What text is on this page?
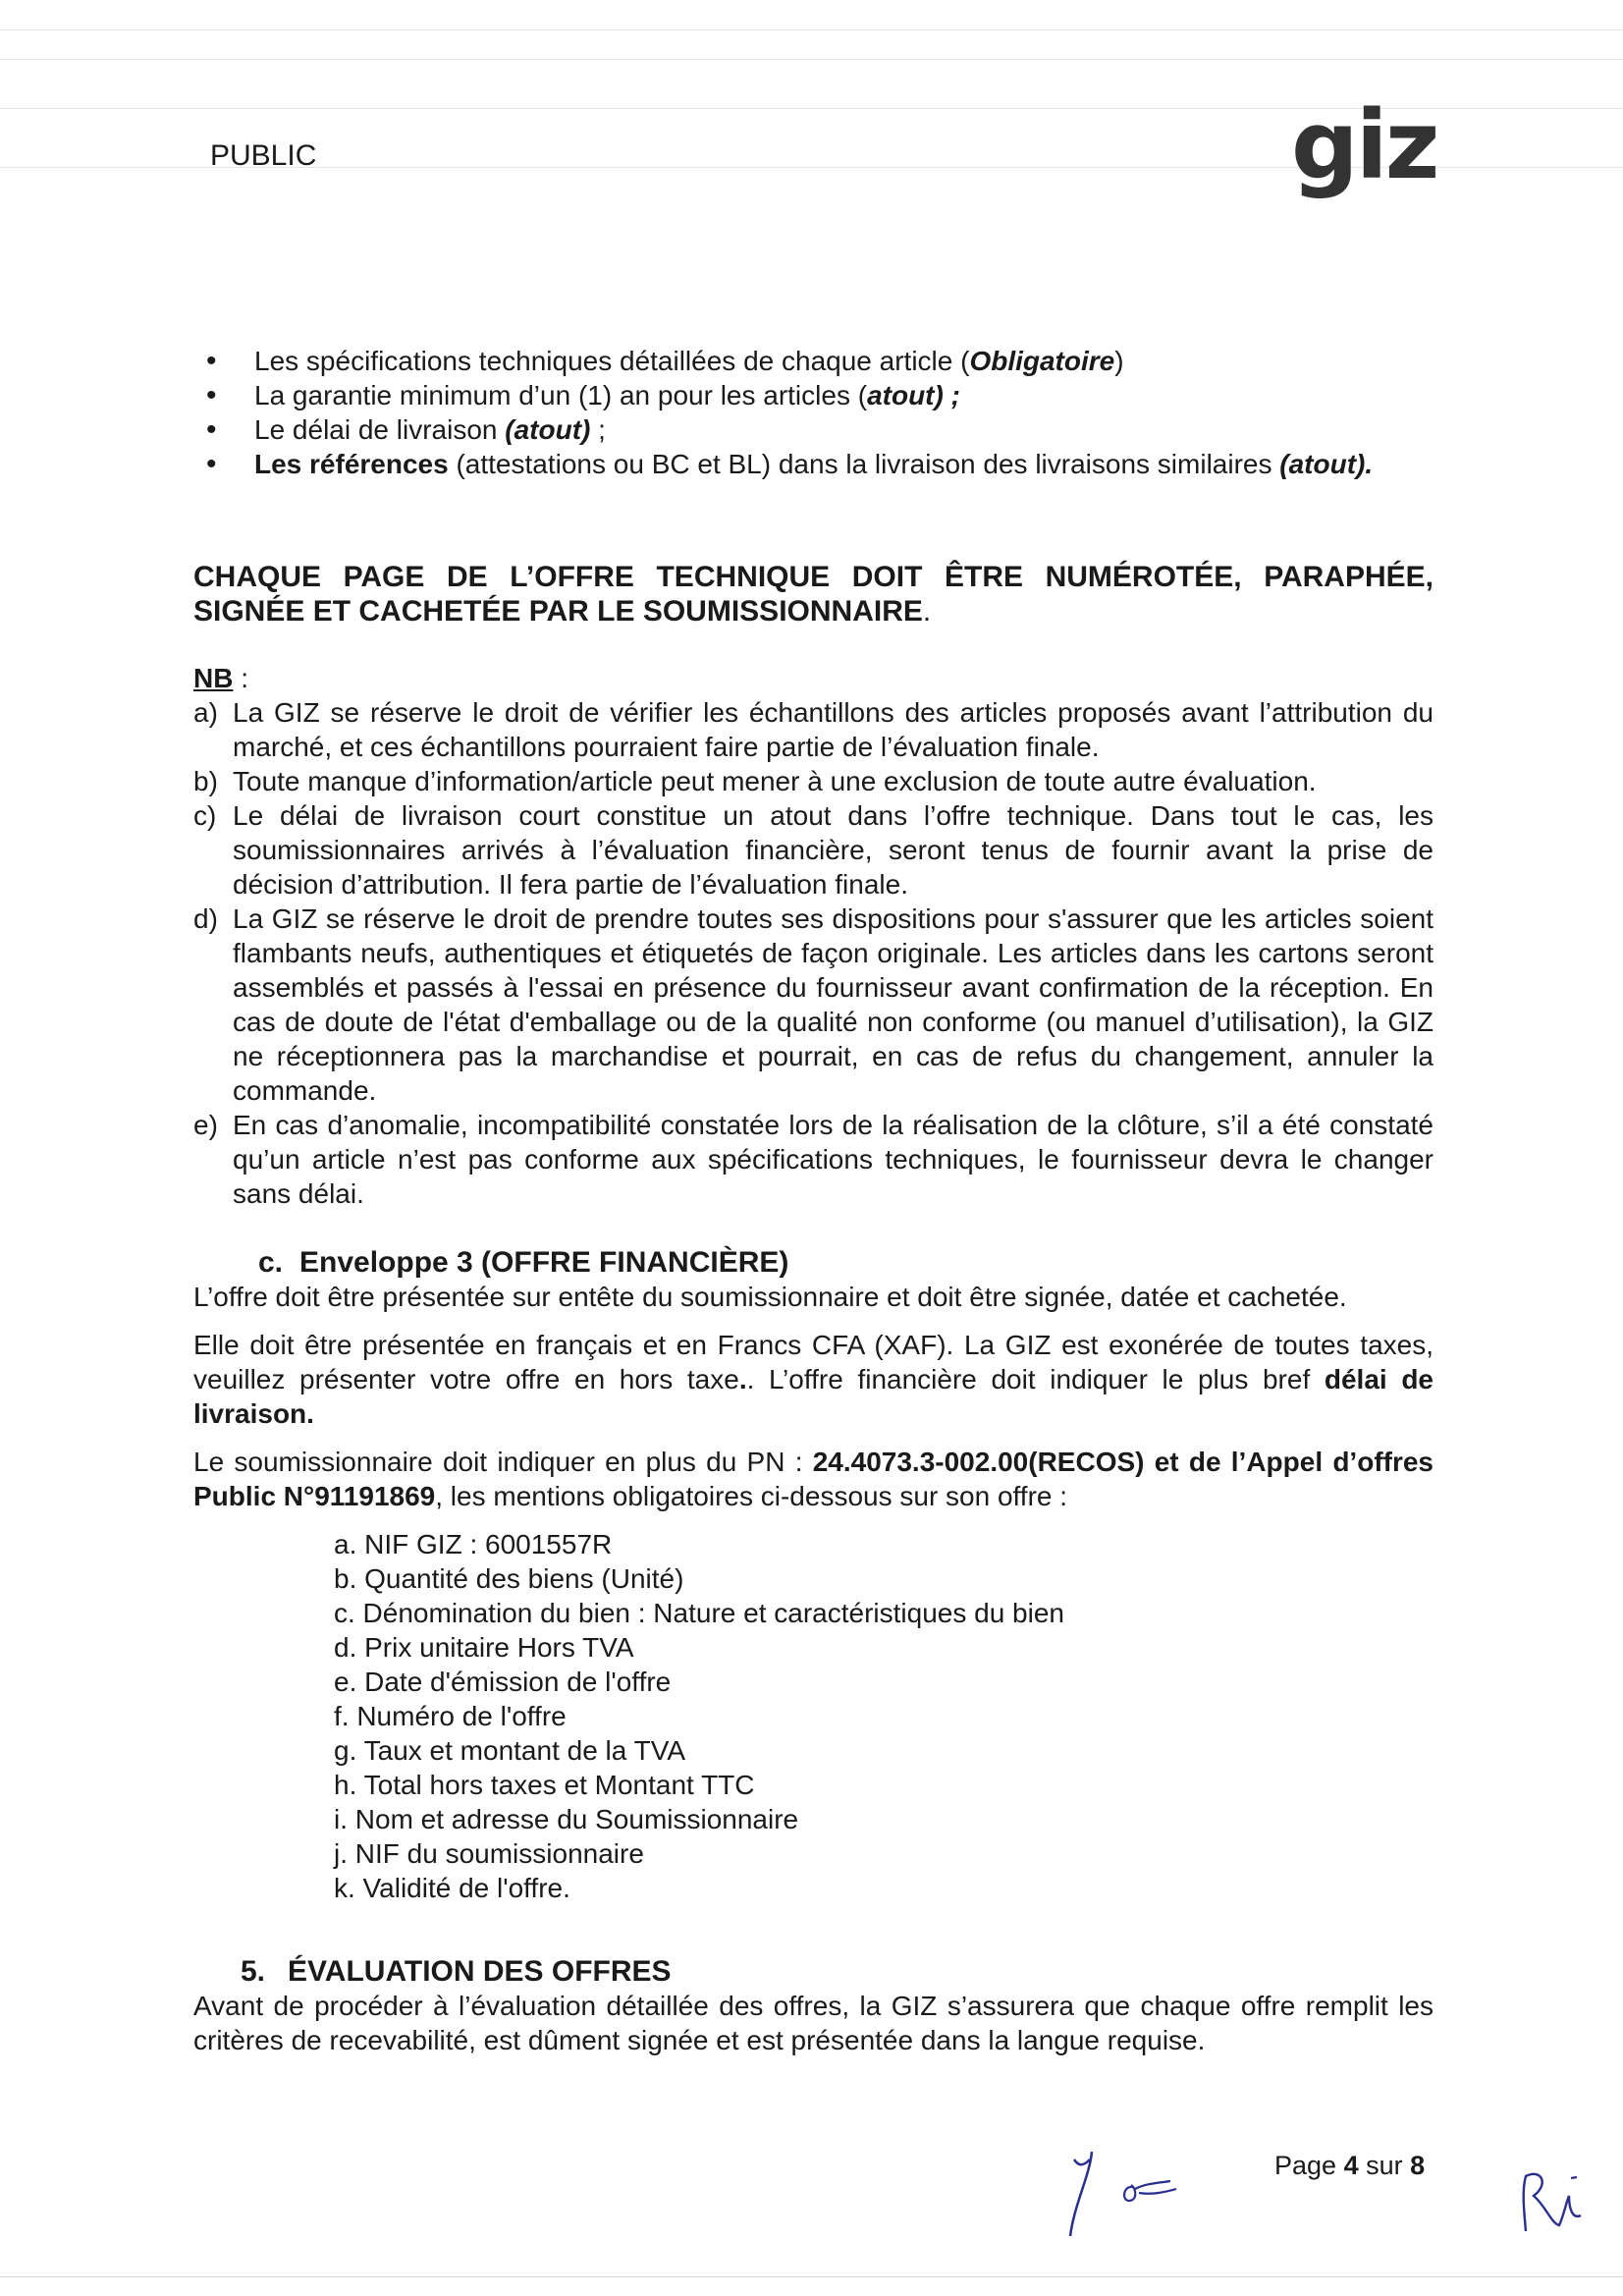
PUBLIC	giz
• Les spécifications techniques détaillées de chaque article (Obligatoire)
• La garantie minimum d’un (1) an pour les articles (atout) ;
• Le délai de livraison (atout) ;
• Les références (attestations ou BC et BL) dans la livraison des livraisons similaires (atout).
CHAQUE PAGE DE L’OFFRE TECHNIQUE DOIT ÊTRE NUMÉROTÉE, PARAPHÉE, SIGNÉE ET CACHETÉE PAR LE SOUMISSIONNAIRE.
NB :
a) La GIZ se réserve le droit de vérifier les échantillons des articles proposés avant l’attribution du marché, et ces échantillons pourraient faire partie de l’évaluation finale.
b) Toute manque d’information/article peut mener à une exclusion de toute autre évaluation.
c) Le délai de livraison court constitue un atout dans l’offre technique. Dans tout le cas, les soumissionnaires arrivés à l’évaluation financière, seront tenus de fournir avant la prise de décision d’attribution. Il fera partie de l’évaluation finale.
d) La GIZ se réserve le droit de prendre toutes ses dispositions pour s'assurer que les articles soient flambants neufs, authentiques et étiquetés de façon originale. Les articles dans les cartons seront assemblés et passés à l'essai en présence du fournisseur avant confirmation de la réception. En cas de doute de l'état d'emballage ou de la qualité non conforme (ou manuel d’utilisation), la GIZ ne réceptionnera pas la marchandise et pourrait, en cas de refus du changement, annuler la commande.
e) En cas d’anomalie, incompatibilité constatée lors de la réalisation de la clôture, s’il a été constaté qu’un article n’est pas conforme aux spécifications techniques, le fournisseur devra le changer sans délai.
c. Enveloppe 3 (OFFRE FINANCIÈRE)

L’offre doit être présentée sur entête du soumissionnaire et doit être signée, datée et cachetée.

Elle doit être présentée en français et en Francs CFA (XAF). La GIZ est exonérée de toutes taxes, veuillez présenter votre offre en hors taxe.. L’offre financière doit indiquer le plus bref délai de livraison.

Le soumissionnaire doit indiquer en plus du PN : 24.4073.3-002.00(RECOS) et de l’Appel d’offres Public N°91191869, les mentions obligatoires ci-dessous sur son offre :

a. NIF GIZ : 6001557R
b. Quantité des biens (Unité)
c. Dénomination du bien : Nature et caractéristiques du bien
d. Prix unitaire Hors TVA
e. Date d'émission de l'offre
f. Numéro de l'offre
g. Taux et montant de la TVA
h. Total hors taxes et Montant TTC
i. Nom et adresse du Soumissionnaire
j. NIF du soumissionnaire
k. Validité de l'offre.
5. ÉVALUATION DES OFFRES

Avant de procéder à l’évaluation détaillée des offres, la GIZ s’assurera que chaque offre remplit les critères de recevabilité, est dûment signée et est présentée dans la langue requise.

Page 4 sur 8
